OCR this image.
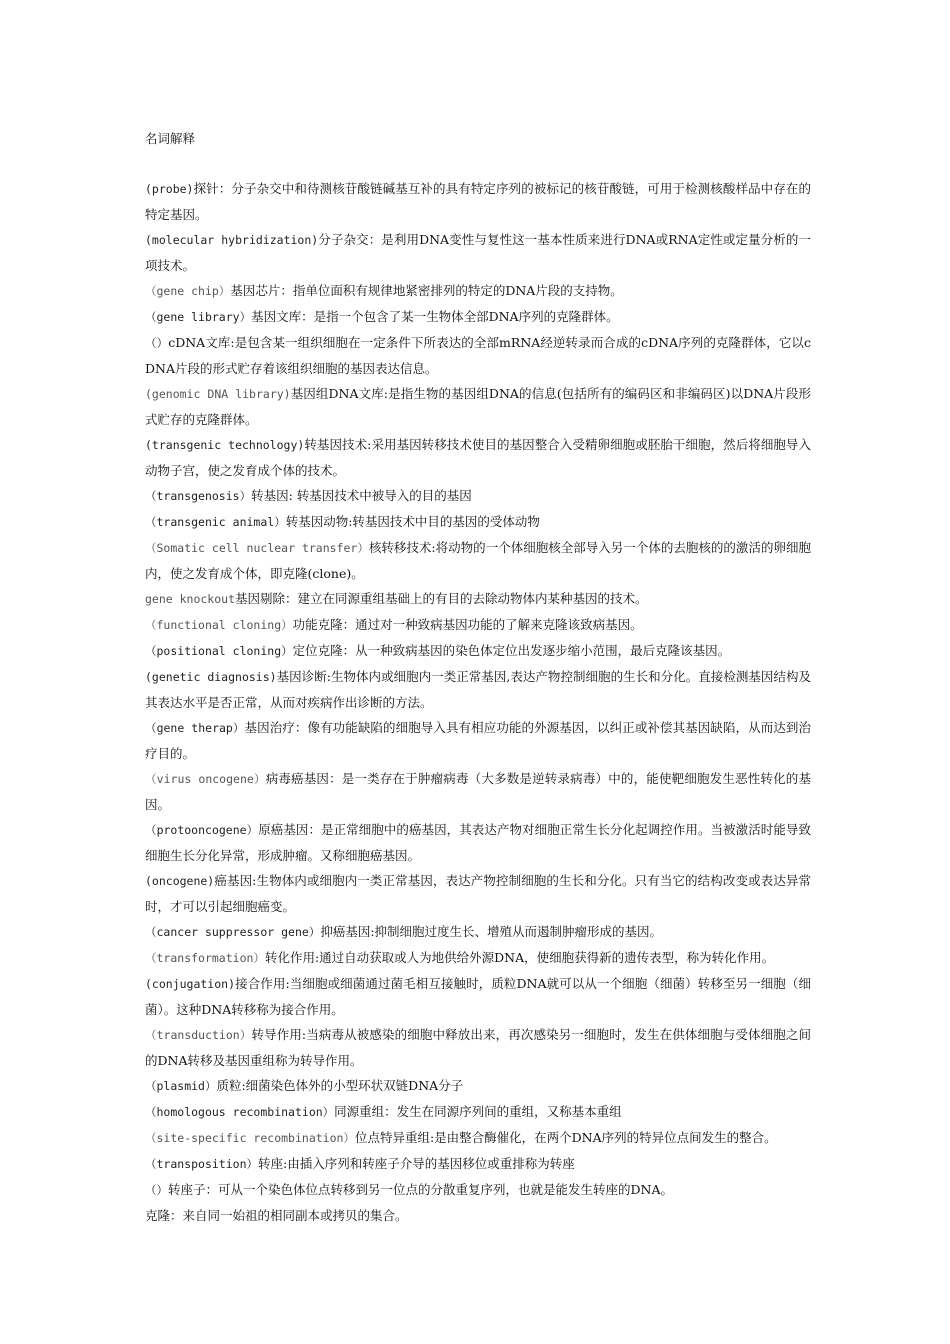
名词解释

(probe)探针：分子杂交中和待测核苷酸链碱基互补的具有特定序列的被标记的核苷酸链，可用于检测核酸样品中存在的特定基因。

(molecular hybridization)分子杂交：是利用DNA变性与复性这一基本性质来进行DNA或RNA定性或定量分析的一项技术。

（gene chip）基因芯片：指单位面积有规律地紧密排列的特定的DNA片段的支持物。

（gene library）基因文库：是指一个包含了某一生物体全部DNA序列的克隆群体。

（）cDNA文库:是包含某一组织细胞在一定条件下所表达的全部mRNA经逆转录而合成的cDNA序列的克隆群体，它以cDNA片段的形式贮存着该组织细胞的基因表达信息。

(genomic DNA library)基因组DNA文库:是指生物的基因组DNA的信息(包括所有的编码区和非编码区)以DNA片段形式贮存的克隆群体。

(transgenic technology)转基因技术:采用基因转移技术使目的基因整合入受精卵细胞或胚胎干细胞，然后将细胞导入动物子宫，使之发育成个体的技术。

（transgenosis）转基因: 转基因技术中被导入的目的基因

（transgenic animal）转基因动物:转基因技术中目的基因的受体动物

（Somatic cell nuclear transfer）核转移技术:将动物的一个体细胞核全部导入另一个体的去胞核的的激活的卵细胞内，使之发育成个体，即克隆(clone)。

gene knockout基因剔除：建立在同源重组基础上的有目的去除动物体内某种基因的技术。

（functional cloning）功能克隆：通过对一种致病基因功能的了解来克隆该致病基因。

（positional cloning）定位克隆：从一种致病基因的染色体定位出发逐步缩小范围，最后克隆该基因。

(genetic diagnosis)基因诊断:生物体内或细胞内一类正常基因,表达产物控制细胞的生长和分化。直接检测基因结构及其表达水平是否正常，从而对疾病作出诊断的方法。

（gene therap）基因治疗：像有功能缺陷的细胞导入具有相应功能的外源基因，以纠正或补偿其基因缺陷，从而达到治疗目的。

（virus oncogene）病毒癌基因：是一类存在于肿瘤病毒（大多数是逆转录病毒）中的，能使靶细胞发生恶性转化的基因。

（protooncogene）原癌基因：是正常细胞中的癌基因，其表达产物对细胞正常生长分化起调控作用。当被激活时能导致细胞生长分化异常，形成肿瘤。又称细胞癌基因。

(oncogene)癌基因:生物体内或细胞内一类正常基因，表达产物控制细胞的生长和分化。只有当它的结构改变或表达异常时，才可以引起细胞癌变。

（cancer suppressor gene）抑癌基因:抑制细胞过度生长、增殖从而遏制肿瘤形成的基因。

（transformation）转化作用:通过自动获取或人为地供给外源DNA，使细胞获得新的遗传表型，称为转化作用。

(conjugation)接合作用:当细胞或细菌通过菌毛相互接触时，质粒DNA就可以从一个细胞（细菌）转移至另一细胞（细菌）。这种DNA转移称为接合作用。

（transduction）转导作用:当病毒从被感染的细胞中释放出来，再次感染另一细胞时，发生在供体细胞与受体细胞之间的DNA转移及基因重组称为转导作用。

（plasmid）质粒:细菌染色体外的小型环状双链DNA分子

（homologous recombination）同源重组：发生在同源序列间的重组，又称基本重组

（site-specific recombination）位点特异重组:是由整合酶催化，在两个DNA序列的特异位点间发生的整合。

（transposition）转座:由插入序列和转座子介导的基因移位或重排称为转座

（）转座子：可从一个染色体位点转移到另一位点的分散重复序列，也就是能发生转座的DNA。

克隆：来自同一始祖的相同副本或拷贝的集合。
